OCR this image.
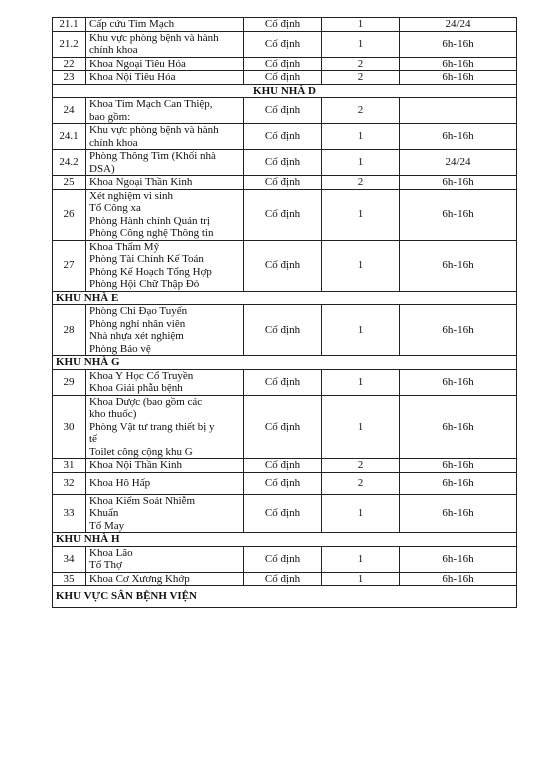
21.1	Cấp cứu Tim Mạch	Cố định	1	24/24
21.2	Khu vực phòng bệnh và hành
chính khoa	Cố định	1	6h-16h
22	Khoa Ngoại Tiêu Hóa	Cố định	2	6h-16h
23	Khoa Nội Tiêu Hóa	Cố định	2	6h-16h
KHU NHÀ D				
24	Khoa Tim Mạch Can Thiệp,
bao gồm:	Cố định	2	
24.1	Khu vực phòng bệnh và hành
chính khoa	Cố định	1	6h-16h
24.2	Phòng Thông Tim (Khối nhà
DSA)	Cố định	1	24/24
25	Khoa Ngoại Thần Kinh	Cố định	2	6h-16h
26	Xét nghiệm vi sinh
Tổ Công xa
Phòng Hành chính Quản trị
Phòng Công nghệ Thông tin	Cố định	1	6h-16h
27	Khoa Thẩm Mỹ
Phòng Tài Chính Kế Toán
Phòng Kế Hoạch Tổng Hợp
Phòng Hội Chữ Thập Đỏ	Cố định	1	6h-16h
KHU NHÀ E				
28	Phòng Chỉ Đạo Tuyến
Phòng nghỉ nhân viên
Nhà nhựa xét nghiệm
Phòng Bảo vệ	Cố định	1	6h-16h
KHU NHÀ G				
29	Khoa Y Học Cổ Truyền
Khoa Giải phẫu bệnh	Cố định	1	6h-16h
30	Khoa Dược (bao gồm các
kho thuốc)
Phòng Vật tư trang thiết bị y
tế
Toilet công cộng khu G	Cố định	1	6h-16h
31	Khoa Nội Thần Kinh	Cố định	2	6h-16h
32	Khoa Hô Hấp	Cố định	2	6h-16h
33	Khoa Kiểm Soát Nhiễm
Khuẩn
Tổ May	Cố định	1	6h-16h
KHU NHÀ H				
34	Khoa Lão
Tổ Thợ	Cố định	1	6h-16h
35	Khoa Cơ Xương Khớp	Cố định	1	6h-16h
KHU VỰC SÂN BỆNH VIỆN				
